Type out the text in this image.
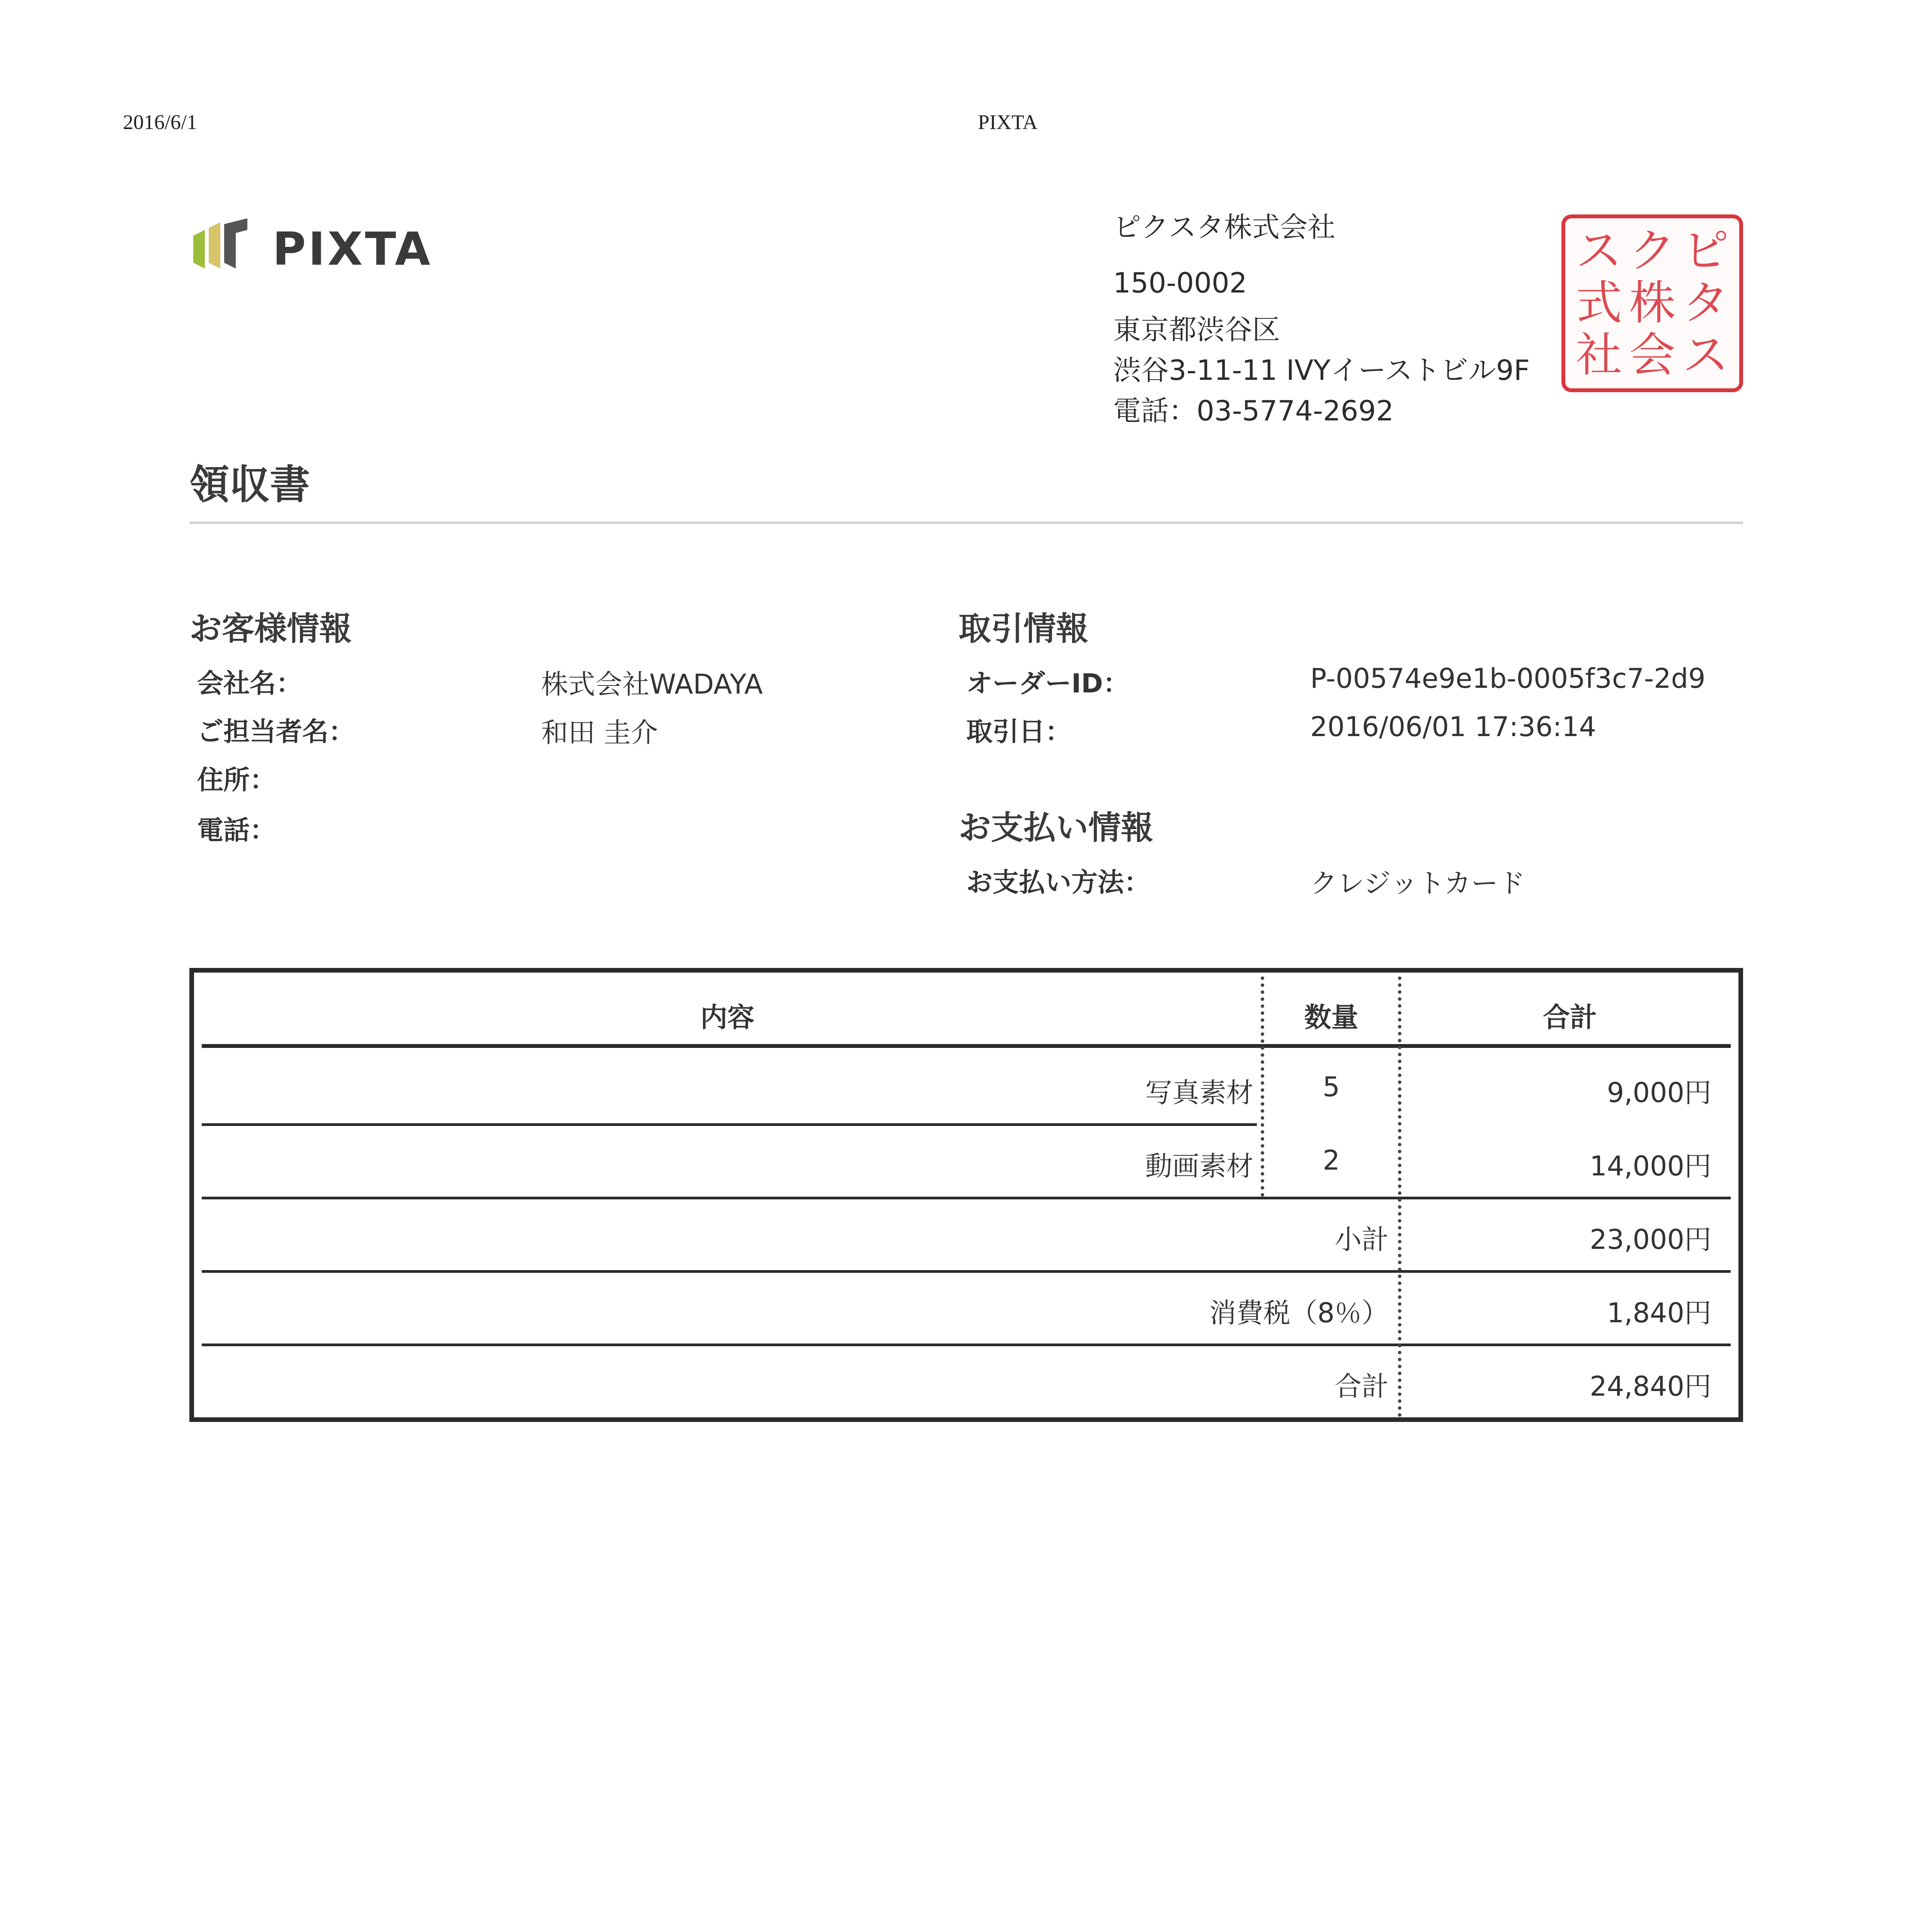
2016/6/1	PIXTA
PIXTA	ピクスタ株式会社
150-0002
東京都渋谷区
渋谷3-11-11 IVYイーストビル9F
電話：03-5774-2692
ス ク ピ
式 株 タ
社 会 ス
領収書
お客様情報
会社名：	株式会社WADAYA
ご担当者名：	和田 圭介
住所：
電話：
取引情報
オーダーID：	P-00574e9e1b-0005f3c7-2d9
取引日：	2016/06/01 17:36:14
お支払い情報
お支払い方法：	クレジットカード
内容	数量	合計
写真素材	5	9,000円
動画素材	2	14,000円
小計	23,000円
消費税（8％）	1,840円
合計	24,840円
